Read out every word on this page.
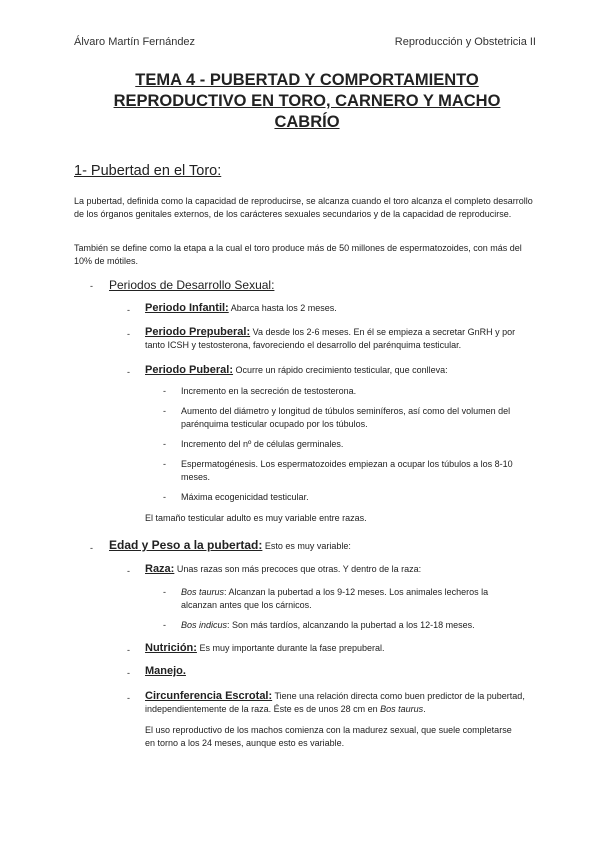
Álvaro Martín Fernández	Reproducción y Obstetricia II
TEMA 4 - PUBERTAD Y COMPORTAMIENTO
REPRODUCTIVO EN TORO, CARNERO Y MACHO
CABRÍO
1- Pubertad en el Toro:
La pubertad, definida como la capacidad de reproducirse, se alcanza cuando el toro alcanza el completo desarrollo de los órganos genitales externos, de los carácteres sexuales secundarios y de la capacidad de reproducirse.
También se define como la etapa a la cual el toro produce más de 50 millones de espermatozoides, con más del 10% de mótiles.
- Periodos de Desarrollo Sexual:
- Periodo Infantil: Abarca hasta los 2 meses.
- Periodo Prepuberal: Va desde los 2-6 meses. En él se empieza a secretar GnRH y por tanto ICSH y testosterona, favoreciendo el desarrollo del parénquima testicular.
- Periodo Puberal: Ocurre un rápido crecimiento testicular, que conlleva:
- Incremento en la secreción de testosterona.
- Aumento del diámetro y longitud de túbulos seminíferos, así como del volumen del parénquima testicular ocupado por los túbulos.
- Incremento del nº de células germinales.
- Espermatogénesis. Los espermatozoides empiezan a ocupar los túbulos a los 8-10 meses.
- Máxima ecogenicidad testicular.
El tamaño testicular adulto es muy variable entre razas.
- Edad y Peso a la pubertad: Esto es muy variable:
- Raza: Unas razas son más precoces que otras. Y dentro de la raza:
- Bos taurus: Alcanzan la pubertad a los 9-12 meses. Los animales lecheros la alcanzan antes que los cárnicos.
- Bos indicus: Son más tardíos, alcanzando la pubertad a los 12-18 meses.
- Nutrición: Es muy importante durante la fase prepuberal.
- Manejo.
- Circunferencia Escrotal: Tiene una relación directa como buen predictor de la pubertad, independientemente de la raza. Éste es de unos 28 cm en Bos taurus.
El uso reproductivo de los machos comienza con la madurez sexual, que suele completarse en torno a los 24 meses, aunque esto es variable.
